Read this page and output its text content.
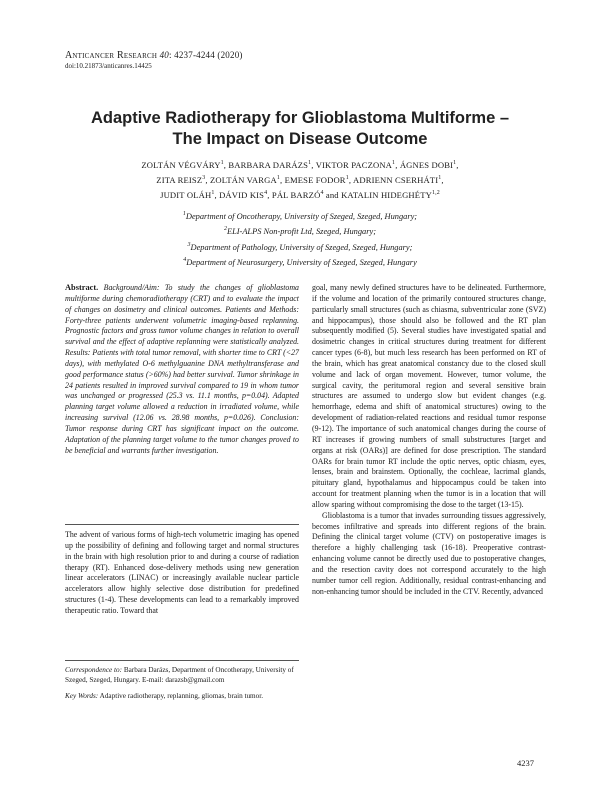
Anticancer Research 40: 4237-4244 (2020)
doi:10.21873/anticanres.14425
Adaptive Radiotherapy for Glioblastoma Multiforme –
The Impact on Disease Outcome
ZOLTÁN VÉGVÁRY$^1$, BARBARA DARÁZS$^1$, VIKTOR PACZONA$^1$, ÁGNES DOBI$^1$,
ZITA REISZ$^3$, ZOLTÁN VARGA$^1$, EMESE FODOR$^1$, ADRIENN CSERHÁTI$^1$,
JUDIT OLÁH$^1$, DÁVID KIS$^4$, PÁL BARZÓ$^4$ and KATALIN HIDEGHÉTY$^{1,2}$
$^1$Department of Oncotherapy, University of Szeged, Szeged, Hungary;
$^2$ELI-ALPS Non-profit Ltd, Szeged, Hungary;
$^3$Department of Pathology, University of Szeged, Szeged, Hungary;
$^4$Department of Neurosurgery, University of Szeged, Szeged, Hungary

Abstract. Background/Aim: To study the changes of glioblastoma multiforme during chemoradiotherapy (CRT) and to evaluate the impact of changes on dosimetry and clinical outcomes. Patients and Methods: Forty-three patients underwent volumetric imaging-based replanning. Prognostic factors and gross tumor volume changes in relation to overall survival and the effect of adaptive replanning were statistically analyzed. Results: Patients with total tumor removal, with shorter time to CRT (<27 days), with methylated O-6 methylguanine DNA methyltransferase and good performance status (>60%) had better survival. Tumor shrinkage in 24 patients resulted in improved survival compared to 19 in whom tumor was unchanged or progressed (25.3 vs. 11.1 months, p=0.04). Adapted planning target volume allowed a reduction in irradiated volume, while increasing survival (12.06 vs. 28.98 months, p=0.026). Conclusion: Tumor response during CRT has significant impact on the outcome. Adaptation of the planning target volume to the tumor changes proved to be beneficial and warrants further investigation.

The advent of various forms of high-tech volumetric imaging has opened up the possibility of defining and following target and normal structures in the brain with high resolution prior to and during a course of radiation therapy (RT). Enhanced dose-delivery methods using new generation linear accelerators (LINAC) or increasingly available nuclear particle accelerators allow highly selective dose distribution for predefined structures (1-4). These developments can lead to a remarkably improved therapeutic ratio. Toward that

Correspondence to: Barbara Darázs, Department of Oncotherapy, University of Szeged, Szeged, Hungary. E-mail: darazsb@gmail.com

Key Words: Adaptive radiotherapy, replanning, gliomas, brain tumor.

goal, many newly defined structures have to be delineated. Furthermore, if the volume and location of the primarily contoured structures change, particularly small structures (such as chiasma, subventricular zone (SVZ) and hippocampus), those should also be followed and the RT plan subsequently modified (5). Several studies have investigated spatial and dosimetric changes in critical structures during treatment for different cancer types (6-8), but much less research has been performed on RT of the brain, which has great anatomical constancy due to the closed skull volume and lack of organ movement. However, tumor volume, the surgical cavity, the peritumoral region and several sensitive brain structures are assumed to undergo slow but evident changes (e.g. hemorrhage, edema and shift of anatomical structures) owing to the development of radiation-related reactions and residual tumor response (9-12). The importance of such anatomical changes during the course of RT increases if growing numbers of small substructures [target and organs at risk (OARs)] are defined for dose prescription. The standard OARs for brain tumor RT include the optic nerves, optic chiasm, eyes, lenses, brain and brainstem. Optionally, the cochleae, lacrimal glands, pituitary gland, hypothalamus and hippocampus could be taken into account for treatment planning when the tumor is in a location that will allow sparing without compromising the dose to the target (13-15).

Glioblastoma is a tumor that invades surrounding tissues aggressively, becomes infiltrative and spreads into different regions of the brain. Defining the clinical target volume (CTV) on postoperative images is therefore a highly challenging task (16-18). Preoperative contrast-enhancing volume cannot be directly used due to postoperative changes, and the resection cavity does not correspond accurately to the high number tumor cell region. Additionally, residual contrast-enhancing and non-enhancing tumor should be included in the CTV. Recently, advanced

4237
